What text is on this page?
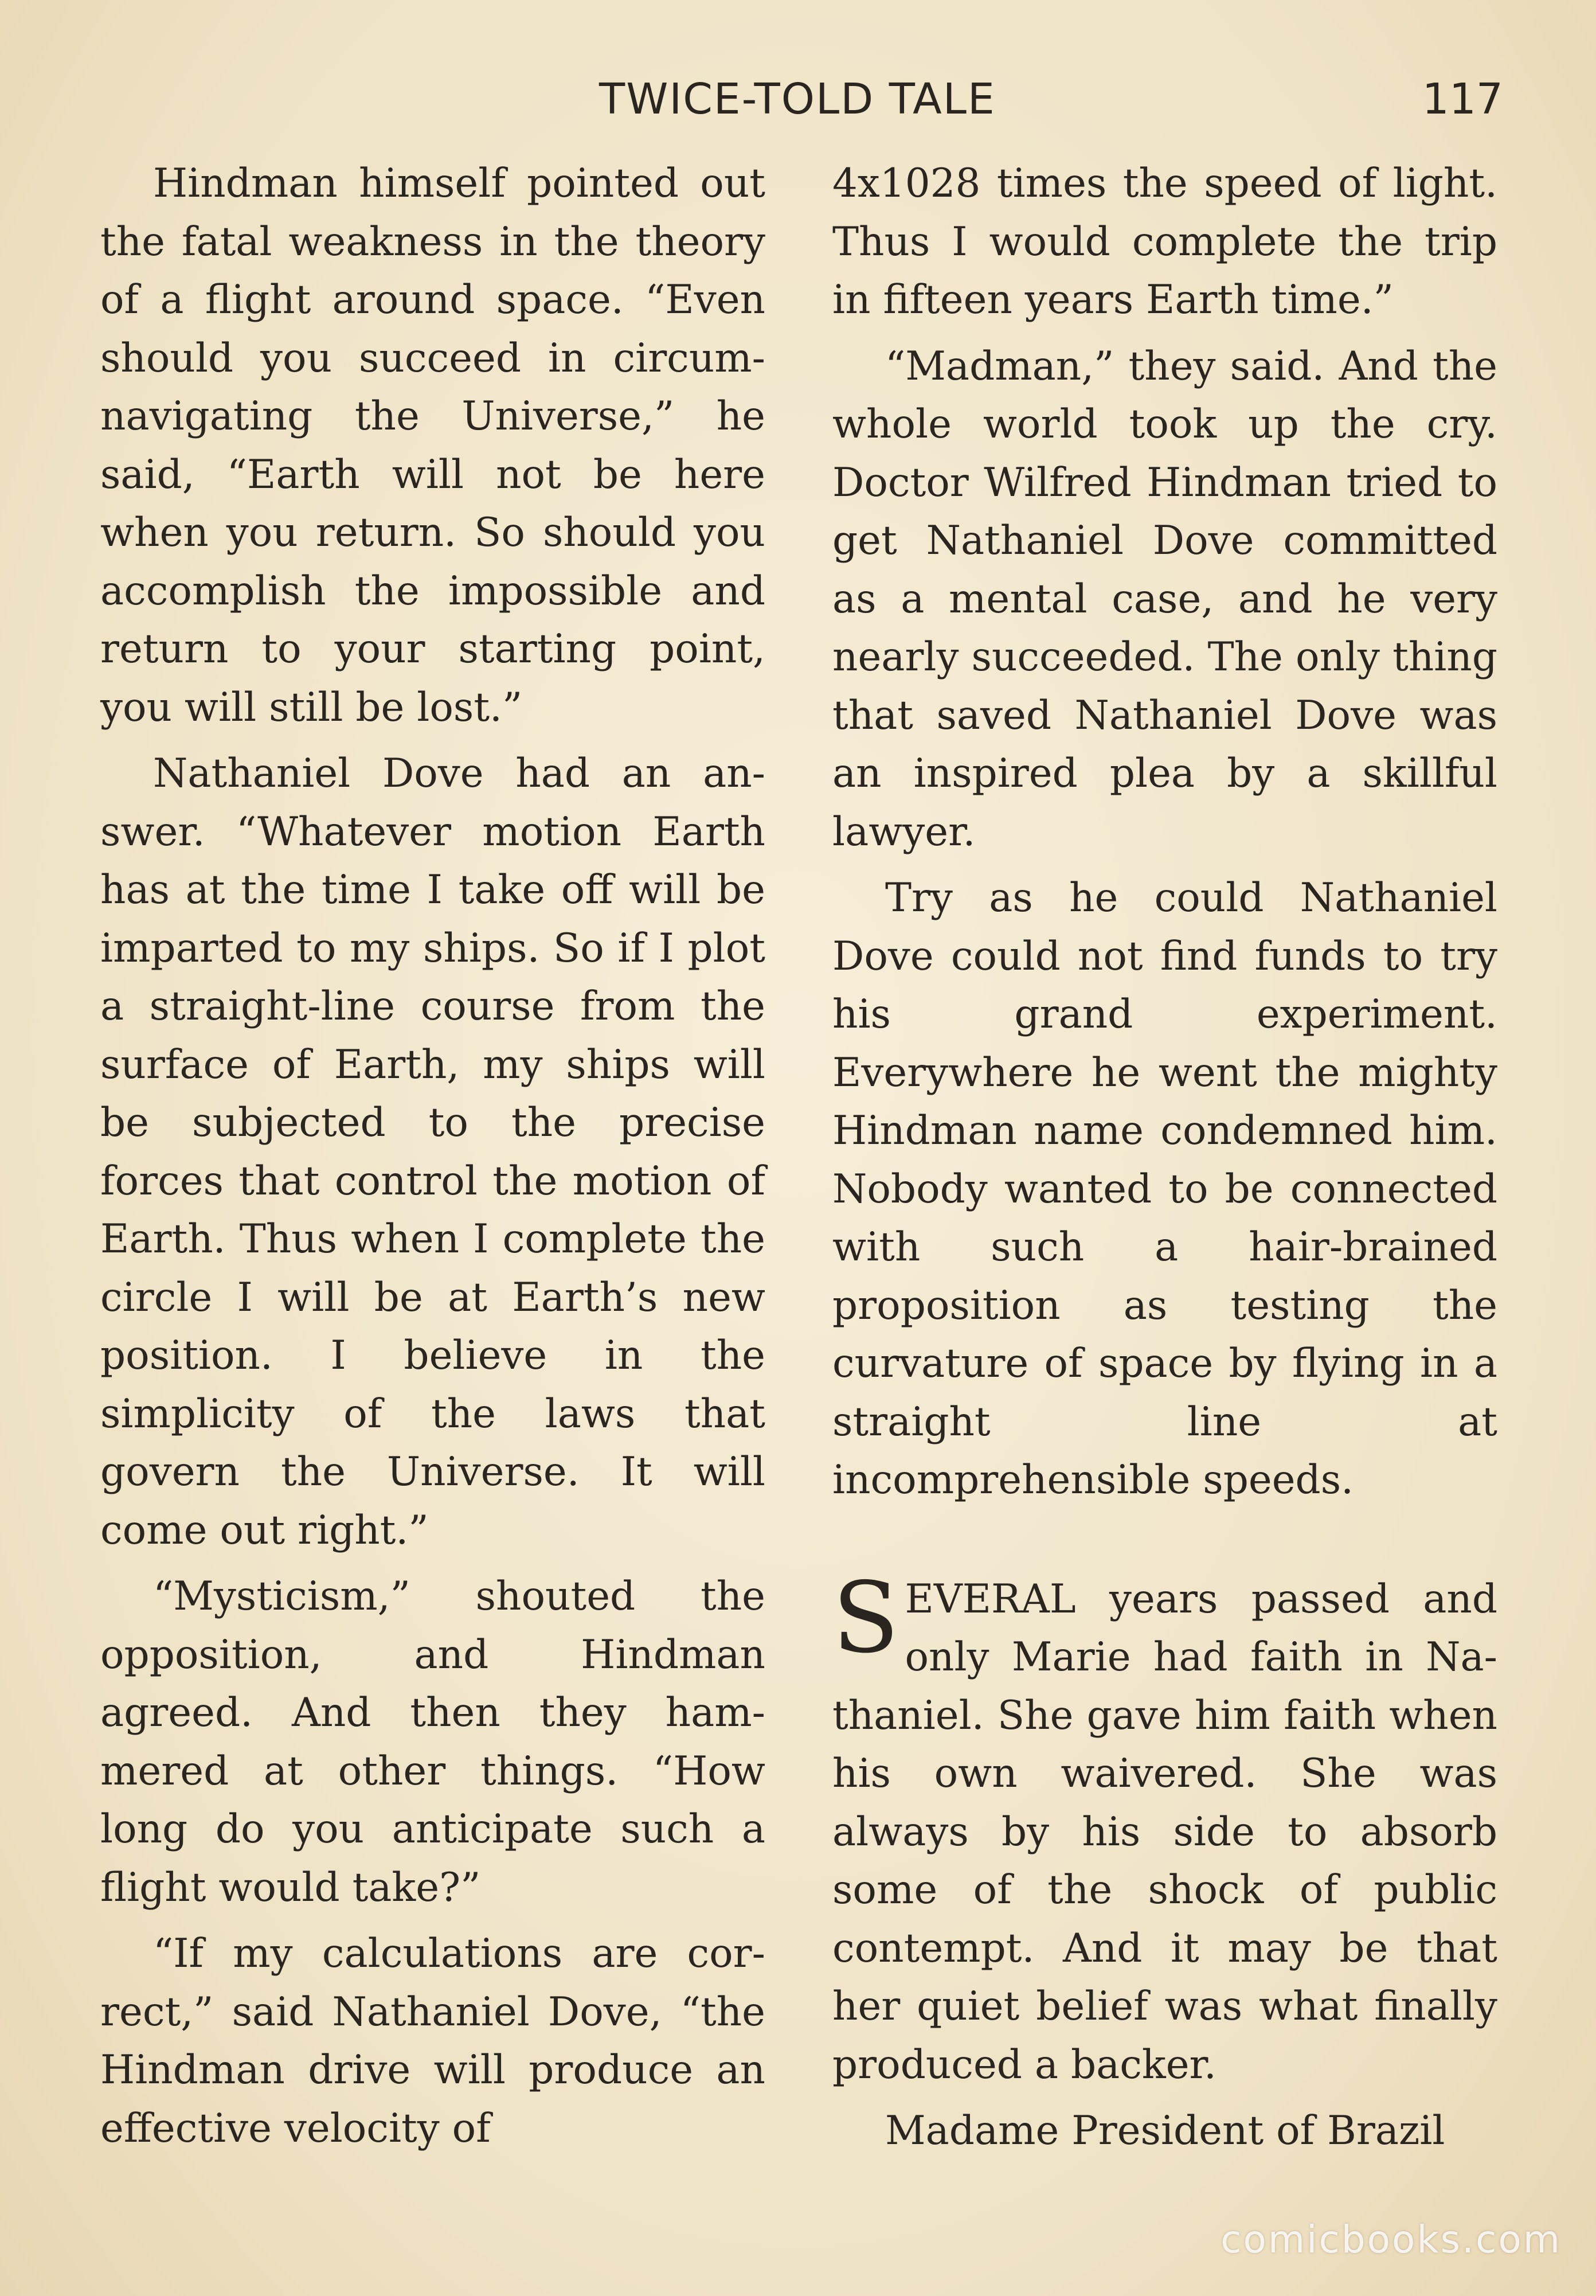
TWICE-TOLD TALE	117

Hindman himself pointed out the fatal weakness in the theory of a flight around space. “Even should you succeed in circum-navigating the Universe,” he said, “Earth will not be here when you return. So should you accomplish the impossible and return to your starting point, you will still be lost.”

Nathaniel Dove had an answer. “Whatever motion Earth has at the time I take off will be imparted to my ships. So if I plot a straight-line course from the surface of Earth, my ships will be subjected to the precise forces that control the motion of Earth. Thus when I complete the circle I will be at Earth’s new position. I believe in the simplicity of the laws that govern the Universe. It will come out right.”

“Mysticism,” shouted the opposition, and Hindman agreed. And then they hammered at other things. “How long do you anticipate such a flight would take?”

“If my calculations are correct,” said Nathaniel Dove, “the Hindman drive will produce an effective velocity of

4x1028 times the speed of light. Thus I would complete the trip in fifteen years Earth time.”

“Madman,” they said. And the whole world took up the cry. Doctor Wilfred Hindman tried to get Nathaniel Dove committed as a mental case, and he very nearly succeeded. The only thing that saved Nathaniel Dove was an inspired plea by a skillful lawyer.

Try as he could Nathaniel Dove could not find funds to try his grand experiment. Everywhere he went the mighty Hindman name condemned him. Nobody wanted to be connected with such a hair-brained proposition as testing the curvature of space by flying in a straight line at incomprehensible speeds.

SEVERAL years passed and only Marie had faith in Nathaniel. She gave him faith when his own waivered. She was always by his side to absorb some of the shock of public contempt. And it may be that her quiet belief was what finally produced a backer.

Madame President of Brazil

comicbooks.com
